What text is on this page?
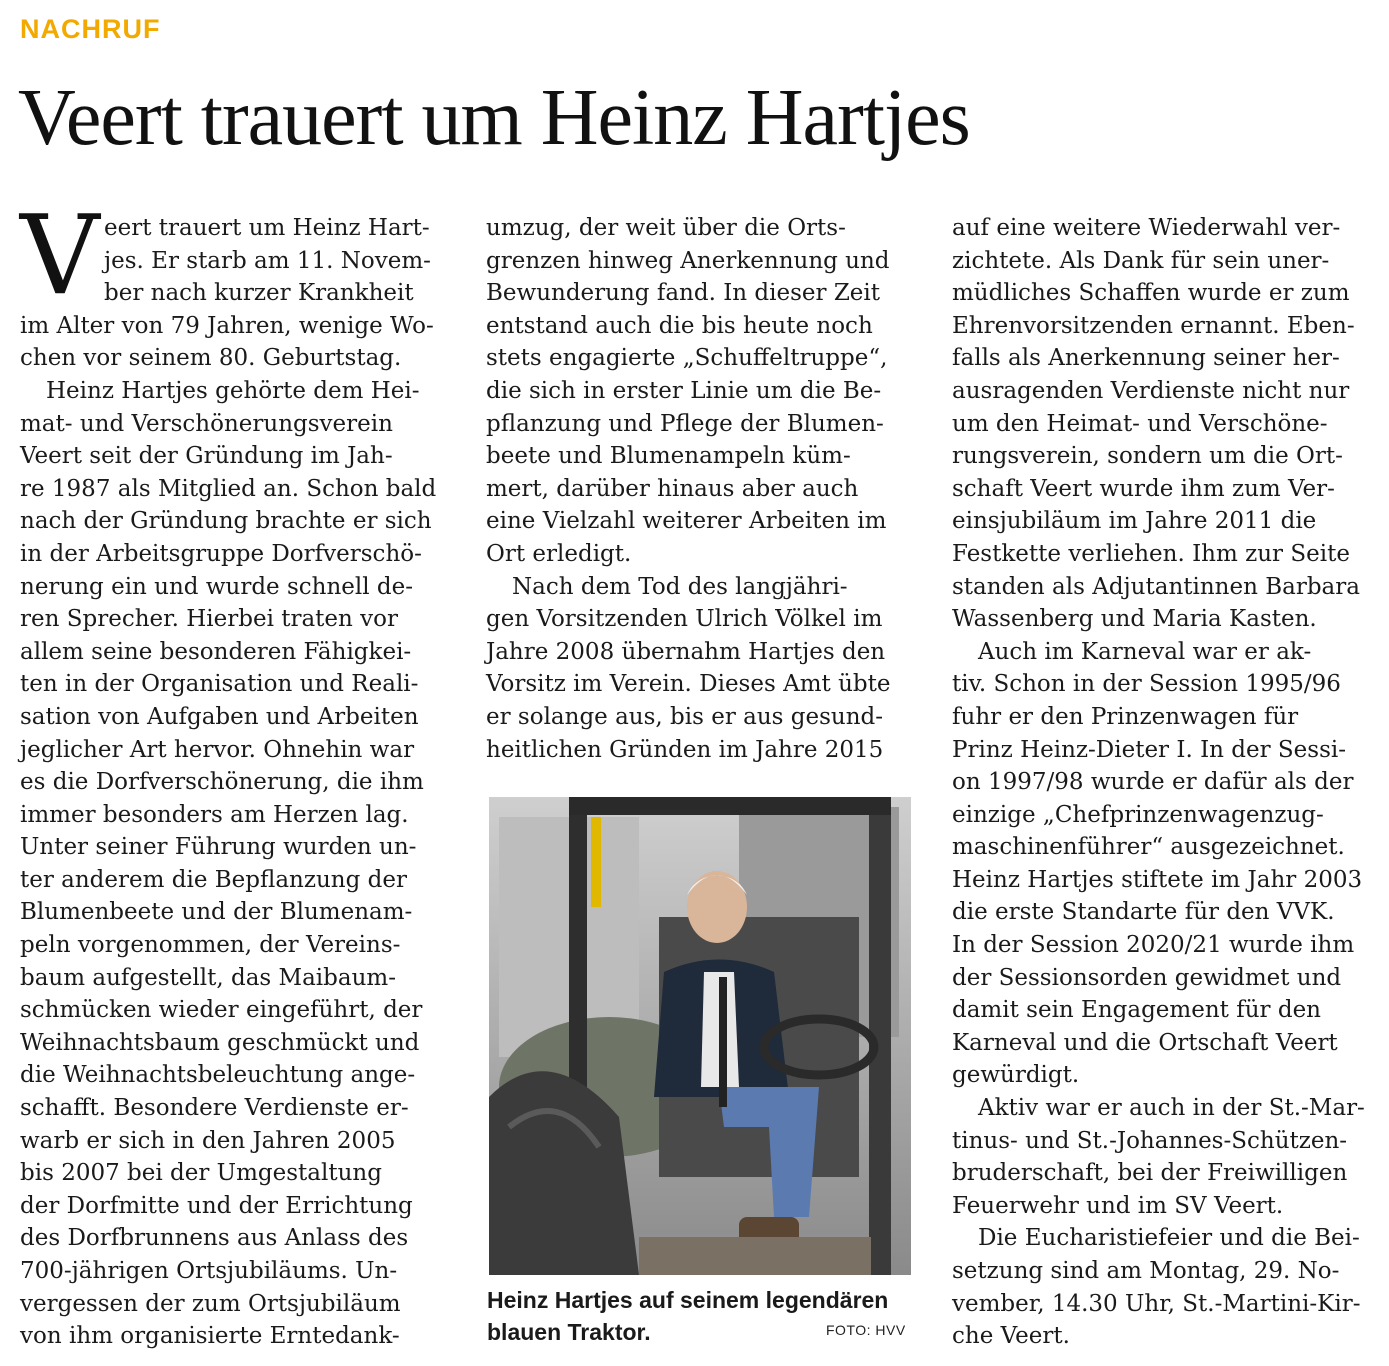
NACHRUF
Veert trauert um Heinz Hartjes
V eert trauert um Heinz Hart-
jes. Er starb am 11. Novem-
ber nach kurzer Krankheit
im Alter von 79 Jahren, wenige Wo-
chen vor seinem 80. Geburtstag.
Heinz Hartjes gehörte dem Hei-
mat- und Verschönerungsverein
Veert seit der Gründung im Jah-
re 1987 als Mitglied an. Schon bald
nach der Gründung brachte er sich
in der Arbeitsgruppe Dorfverschö-
nerung ein und wurde schnell de-
ren Sprecher. Hierbei traten vor
allem seine besonderen Fähigkei-
ten in der Organisation und Reali-
sation von Aufgaben und Arbeiten
jeglicher Art hervor. Ohnehin war
es die Dorfverschönerung, die ihm
immer besonders am Herzen lag.
Unter seiner Führung wurden un-
ter anderem die Bepflanzung der
Blumenbeete und der Blumenam-
peln vorgenommen, der Vereins-
baum aufgestellt, das Maibaum-
schmücken wieder eingeführt, der
Weihnachtsbaum geschmückt und
die Weihnachtsbeleuchtung ange-
schafft. Besondere Verdienste er-
warb er sich in den Jahren 2005
bis 2007 bei der Umgestaltung
der Dorfmitte und der Errichtung
des Dorfbrunnens aus Anlass des
700-jährigen Ortsjubiläums. Un-
vergessen der zum Ortsjubiläum
von ihm organisierte Erntedank-
umzug, der weit über die Orts-
grenzen hinweg Anerkennung und
Bewunderung fand. In dieser Zeit
entstand auch die bis heute noch
stets engagierte „Schuffeltruppe“,
die sich in erster Linie um die Be-
pflanzung und Pflege der Blumen-
beete und Blumenampeln küm-
mert, darüber hinaus aber auch
eine Vielzahl weiterer Arbeiten im
Ort erledigt.
Nach dem Tod des langjähri-
gen Vorsitzenden Ulrich Völkel im
Jahre 2008 übernahm Hartjes den
Vorsitz im Verein. Dieses Amt übte
er solange aus, bis er aus gesund-
heitlichen Gründen im Jahre 2015
Heinz Hartjes auf seinem legendären
blauen Traktor.	FOTO: HVV
auf eine weitere Wiederwahl ver-
zichtete. Als Dank für sein uner-
müdliches Schaffen wurde er zum
Ehrenvorsitzenden ernannt. Eben-
falls als Anerkennung seiner her-
ausragenden Verdienste nicht nur
um den Heimat- und Verschöne-
rungsverein, sondern um die Ort-
schaft Veert wurde ihm zum Ver-
einsjubiläum im Jahre 2011 die
Festkette verliehen. Ihm zur Seite
standen als Adjutantinnen Barbara
Wassenberg und Maria Kasten.
Auch im Karneval war er ak-
tiv. Schon in der Session 1995/96
fuhr er den Prinzenwagen für
Prinz Heinz-Dieter I. In der Sessi-
on 1997/98 wurde er dafür als der
einzige „Chefprinzenwagenzug-
maschinenführer“ ausgezeichnet.
Heinz Hartjes stiftete im Jahr 2003
die erste Standarte für den VVK.
In der Session 2020/21 wurde ihm
der Sessionsorden gewidmet und
damit sein Engagement für den
Karneval und die Ortschaft Veert
gewürdigt.
Aktiv war er auch in der St.-Mar-
tinus- und St.-Johannes-Schützen-
bruderschaft, bei der Freiwilligen
Feuerwehr und im SV Veert.
Die Eucharistiefeier und die Bei-
setzung sind am Montag, 29. No-
vember, 14.30 Uhr, St.-Martini-Kir-
che Veert.
